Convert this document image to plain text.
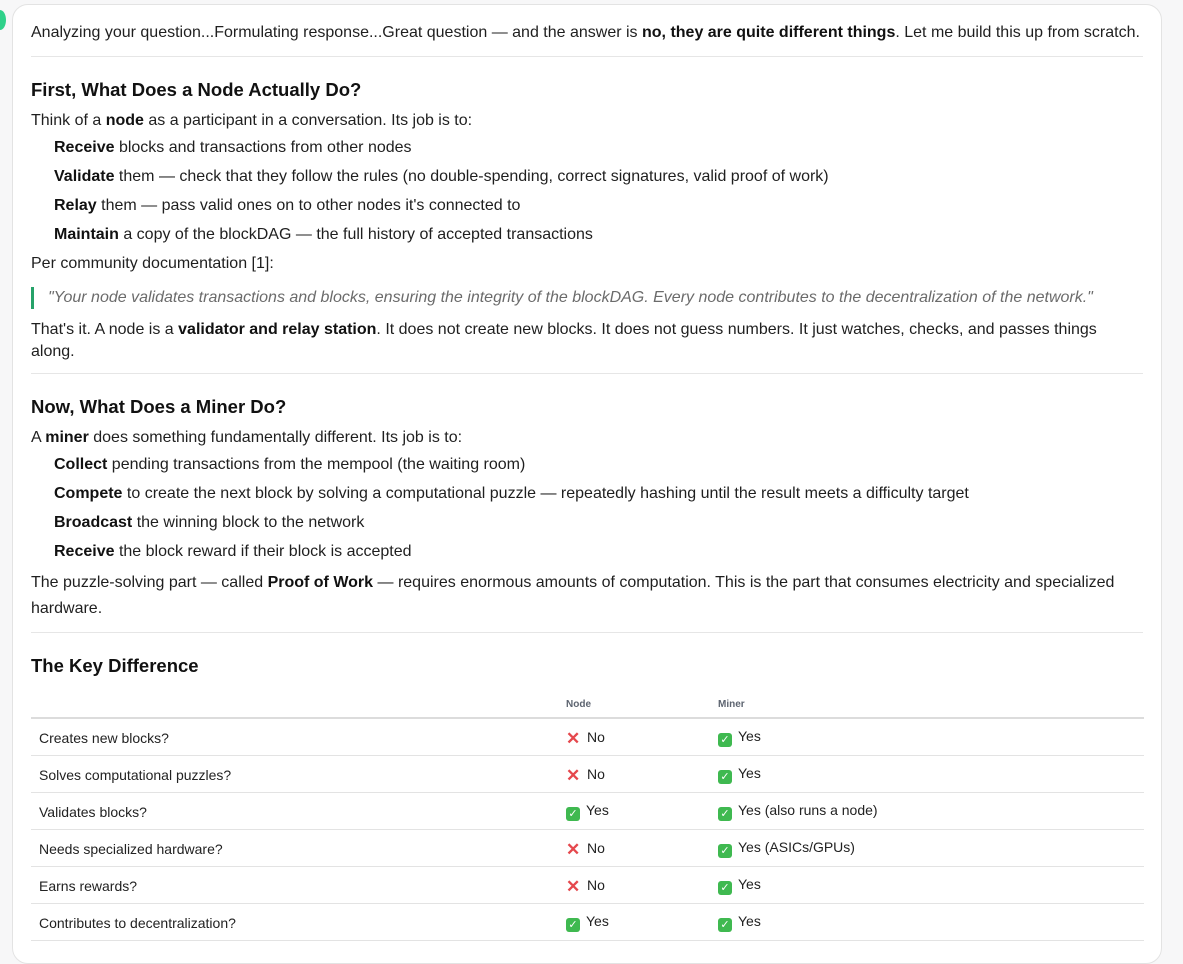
Analyzing your question...Formulating response...Great question — and the answer is no, they are quite different things. Let me build this up from scratch.
First, What Does a Node Actually Do?

Think of a node as a participant in a conversation. Its job is to:

Receive blocks and transactions from other nodes
Validate them — check that they follow the rules (no double-spending, correct signatures, valid proof of work)
Relay them — pass valid ones on to other nodes it's connected to
Maintain a copy of the blockDAG — the full history of accepted transactions

Per community documentation [1]:

"Your node validates transactions and blocks, ensuring the integrity of the blockDAG. Every node contributes to the decentralization of the network."

That's it. A node is a validator and relay station. It does not create new blocks. It does not guess numbers. It just watches, checks, and passes things along.

Now, What Does a Miner Do?

A miner does something fundamentally different. Its job is to:

Collect pending transactions from the mempool (the waiting room)
Compete to create the next block by solving a computational puzzle — repeatedly hashing until the result meets a difficulty target
Broadcast the winning block to the network
Receive the block reward if their block is accepted

The puzzle-solving part — called Proof of Work — requires enormous amounts of computation. This is the part that consumes electricity and specialized hardware.

The Key Difference
	Node	Miner
Creates new blocks?	✕ No	✓ Yes
Solves computational puzzles?	✕ No	✓ Yes
Validates blocks?	✓ Yes	✓ Yes (also runs a node)
Needs specialized hardware?	✕ No	✓ Yes (ASICs/GPUs)
Earns rewards?	✕ No	✓ Yes
Contributes to decentralization?	✓ Yes	✓ Yes
